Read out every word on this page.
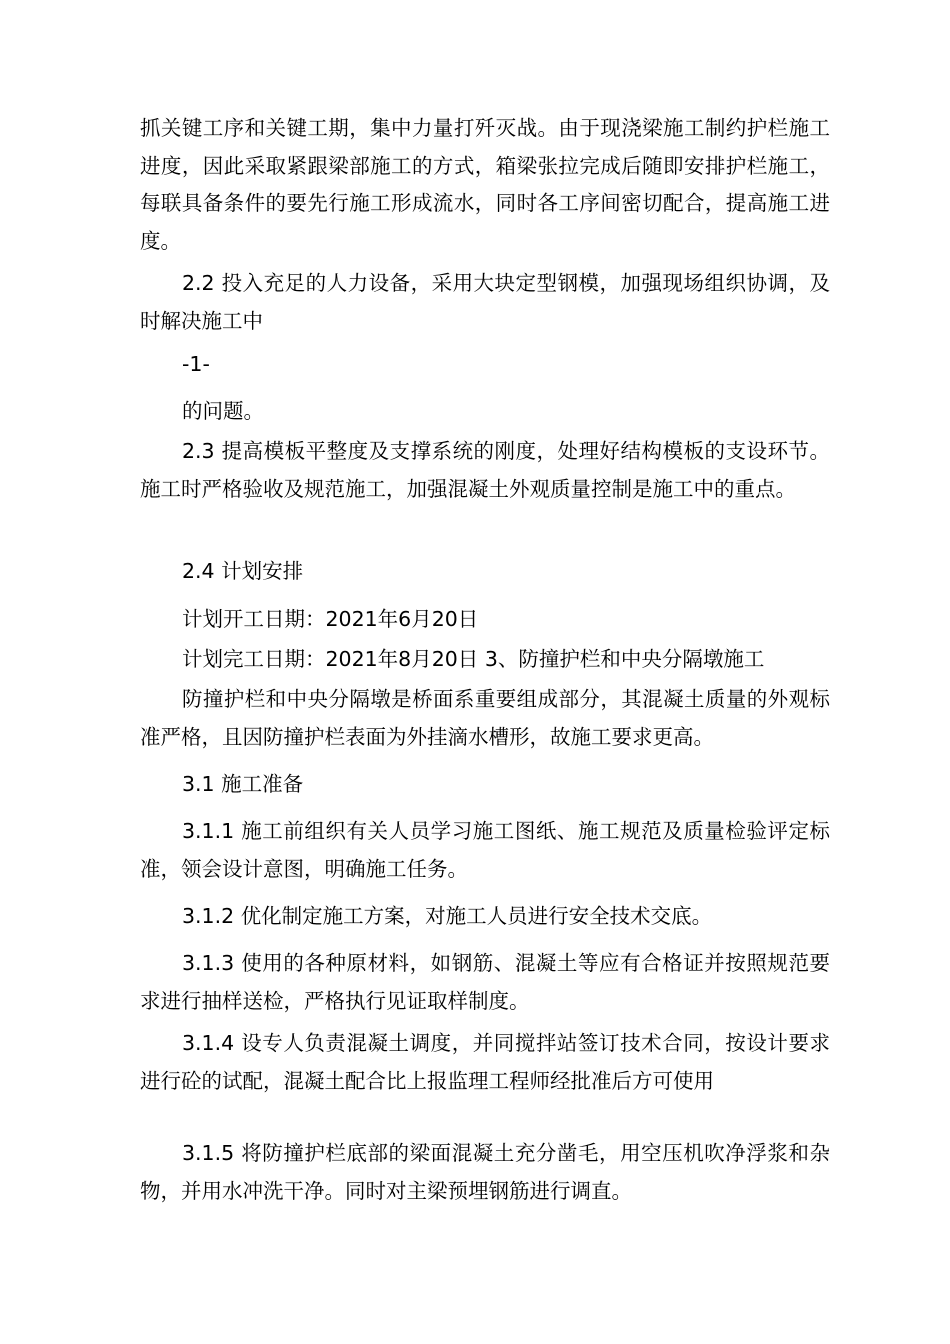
抓关键工序和关键工期，集中力量打歼灭战。由于现浇梁施工制约护栏施工进度，因此采取紧跟梁部施工的方式，箱梁张拉完成后随即安排护栏施工，每联具备条件的要先行施工形成流水，同时各工序间密切配合，提高施工进度。

2.2 投入充足的人力设备，采用大块定型钢模，加强现场组织协调，及时解决施工中

-1-

的问题。

2.3 提高模板平整度及支撑系统的刚度，处理好结构模板的支设环节。施工时严格验收及规范施工，加强混凝土外观质量控制是施工中的重点。

2.4 计划安排

计划开工日期：2021年6月20日

计划完工日期：2021年8月20日 3、防撞护栏和中央分隔墩施工

防撞护栏和中央分隔墩是桥面系重要组成部分，其混凝土质量的外观标准严格，且因防撞护栏表面为外挂滴水槽形，故施工要求更高。

3.1 施工准备

3.1.1 施工前组织有关人员学习施工图纸、施工规范及质量检验评定标准，领会设计意图，明确施工任务。

3.1.2 优化制定施工方案，对施工人员进行安全技术交底。

3.1.3 使用的各种原材料，如钢筋、混凝土等应有合格证并按照规范要求进行抽样送检，严格执行见证取样制度。

3.1.4 设专人负责混凝土调度，并同搅拌站签订技术合同，按设计要求进行砼的试配，混凝土配合比上报监理工程师经批准后方可使用

3.1.5 将防撞护栏底部的梁面混凝土充分凿毛，用空压机吹净浮浆和杂物，并用水冲洗干净。同时对主梁预埋钢筋进行调直。
